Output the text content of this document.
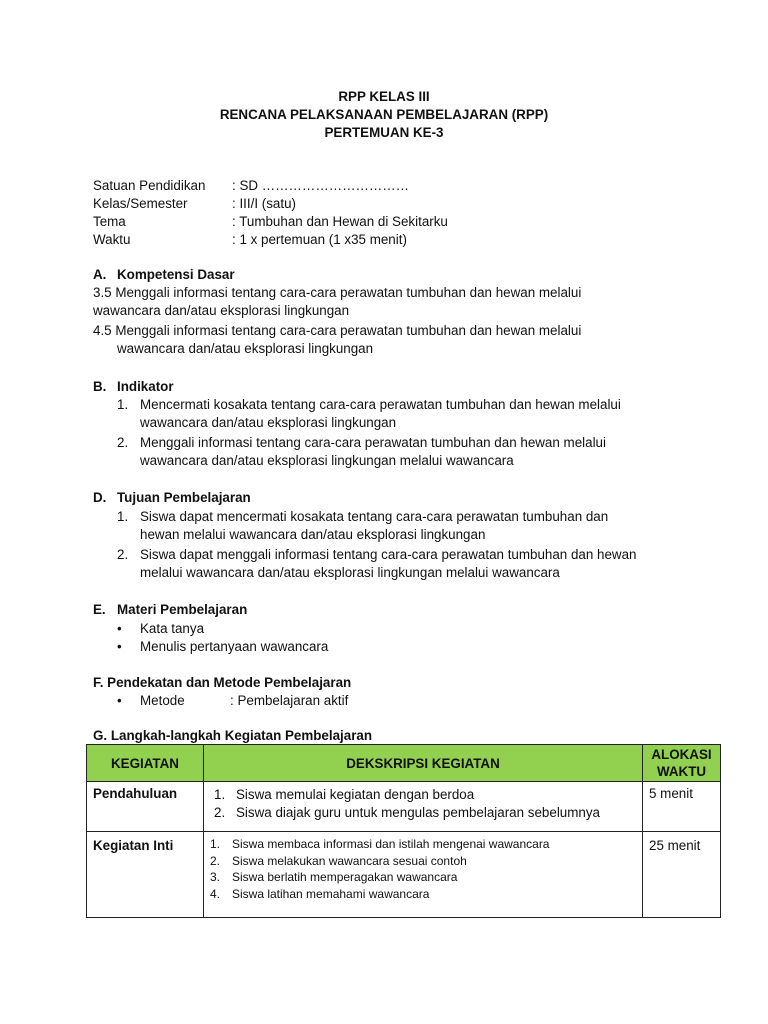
RPP KELAS III
RENCANA PELAKSANAAN PEMBELAJARAN (RPP)
PERTEMUAN KE-3
Satuan Pendidikan : SD ……………………………
Kelas/Semester	: III/I (satu)
Tema	: Tumbuhan dan Hewan di Sekitarku
Waktu	: 1 x pertemuan (1 x35 menit)
A. Kompetensi Dasar
3.5 Menggali informasi tentang cara-cara perawatan tumbuhan dan hewan melalui
wawancara dan/atau eksplorasi lingkungan
4.5 Menggali informasi tentang cara-cara perawatan tumbuhan dan hewan melalui
wawancara dan/atau eksplorasi lingkungan
B. Indikator
1. Mencermati kosakata tentang cara-cara perawatan tumbuhan dan hewan melalui
wawancara dan/atau eksplorasi lingkungan
2. Menggali informasi tentang cara-cara perawatan tumbuhan dan hewan melalui
wawancara dan/atau eksplorasi lingkungan melalui wawancara
D. Tujuan Pembelajaran
1. Siswa dapat mencermati kosakata tentang cara-cara perawatan tumbuhan dan
hewan melalui wawancara dan/atau eksplorasi lingkungan
2. Siswa dapat menggali informasi tentang cara-cara perawatan tumbuhan dan hewan
melalui wawancara dan/atau eksplorasi lingkungan melalui wawancara
E. Materi Pembelajaran
• Kata tanya
• Menulis pertanyaan wawancara
F. Pendekatan dan Metode Pembelajaran
• Metode	: Pembelajaran aktif
G. Langkah-langkah Kegiatan Pembelajaran
KEGIATAN	DEKSKRIPSI KEGIATAN	ALOKASI WAKTU

Pendahuluan	1. Siswa memulai kegiatan dengan berdoa
2. Siswa diajak guru untuk mengulas pembelajaran sebelumnya	5 menit

Kegiatan Inti	1. Siswa membaca informasi dan istilah mengenai wawancara
2. Siswa melakukan wawancara sesuai contoh
3. Siswa berlatih memperagakan wawancara
4. Siswa latihan memahami wawancara	25 menit
